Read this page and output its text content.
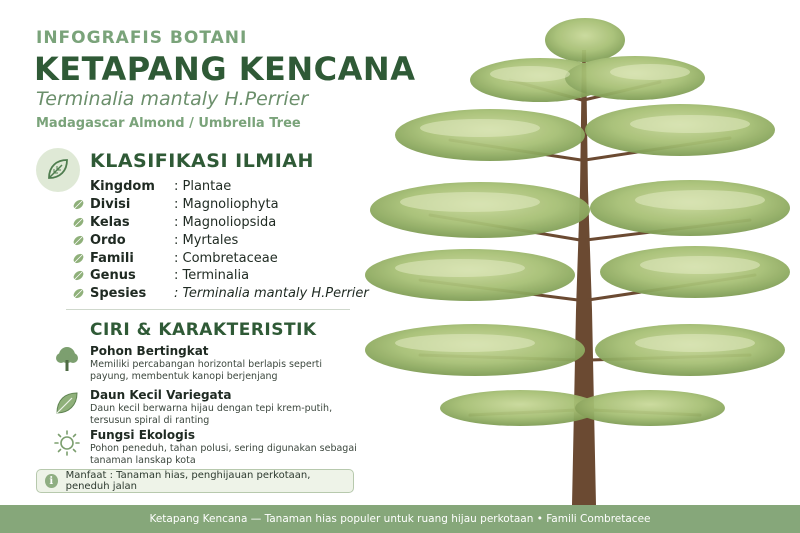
INFOGRAFIS BOTANI
KETAPANG KENCANA
Terminalia mantaly H.Perrier
Madagascar Almond / Umbrella Tree
KLASIFIKASI ILMIAH
Kingdom	: Plantae
Divisi	: Magnoliophyta
Kelas	: Magnoliopsida
Ordo	: Myrtales
Famili	: Combretaceae
Genus	: Terminalia
Spesies	: Terminalia mantaly H.Perrier
CIRI & KARAKTERISTIK
Pohon Bertingkat
Memiliki percabangan horizontal berlapis seperti payung, membentuk kanopi berjenjang
Daun Kecil Variegata
Daun kecil berwarna hijau dengan tepi krem-putih, tersusun spiral di ranting
Fungsi Ekologis
Pohon peneduh, tahan polusi, sering digunakan sebagai tanaman lanskap kota
i	Manfaat : Tanaman hias, penghijauan perkotaan, peneduh jalan
Ketapang Kencana — Tanaman hias populer untuk ruang hijau perkotaan • Famili Combretacee
